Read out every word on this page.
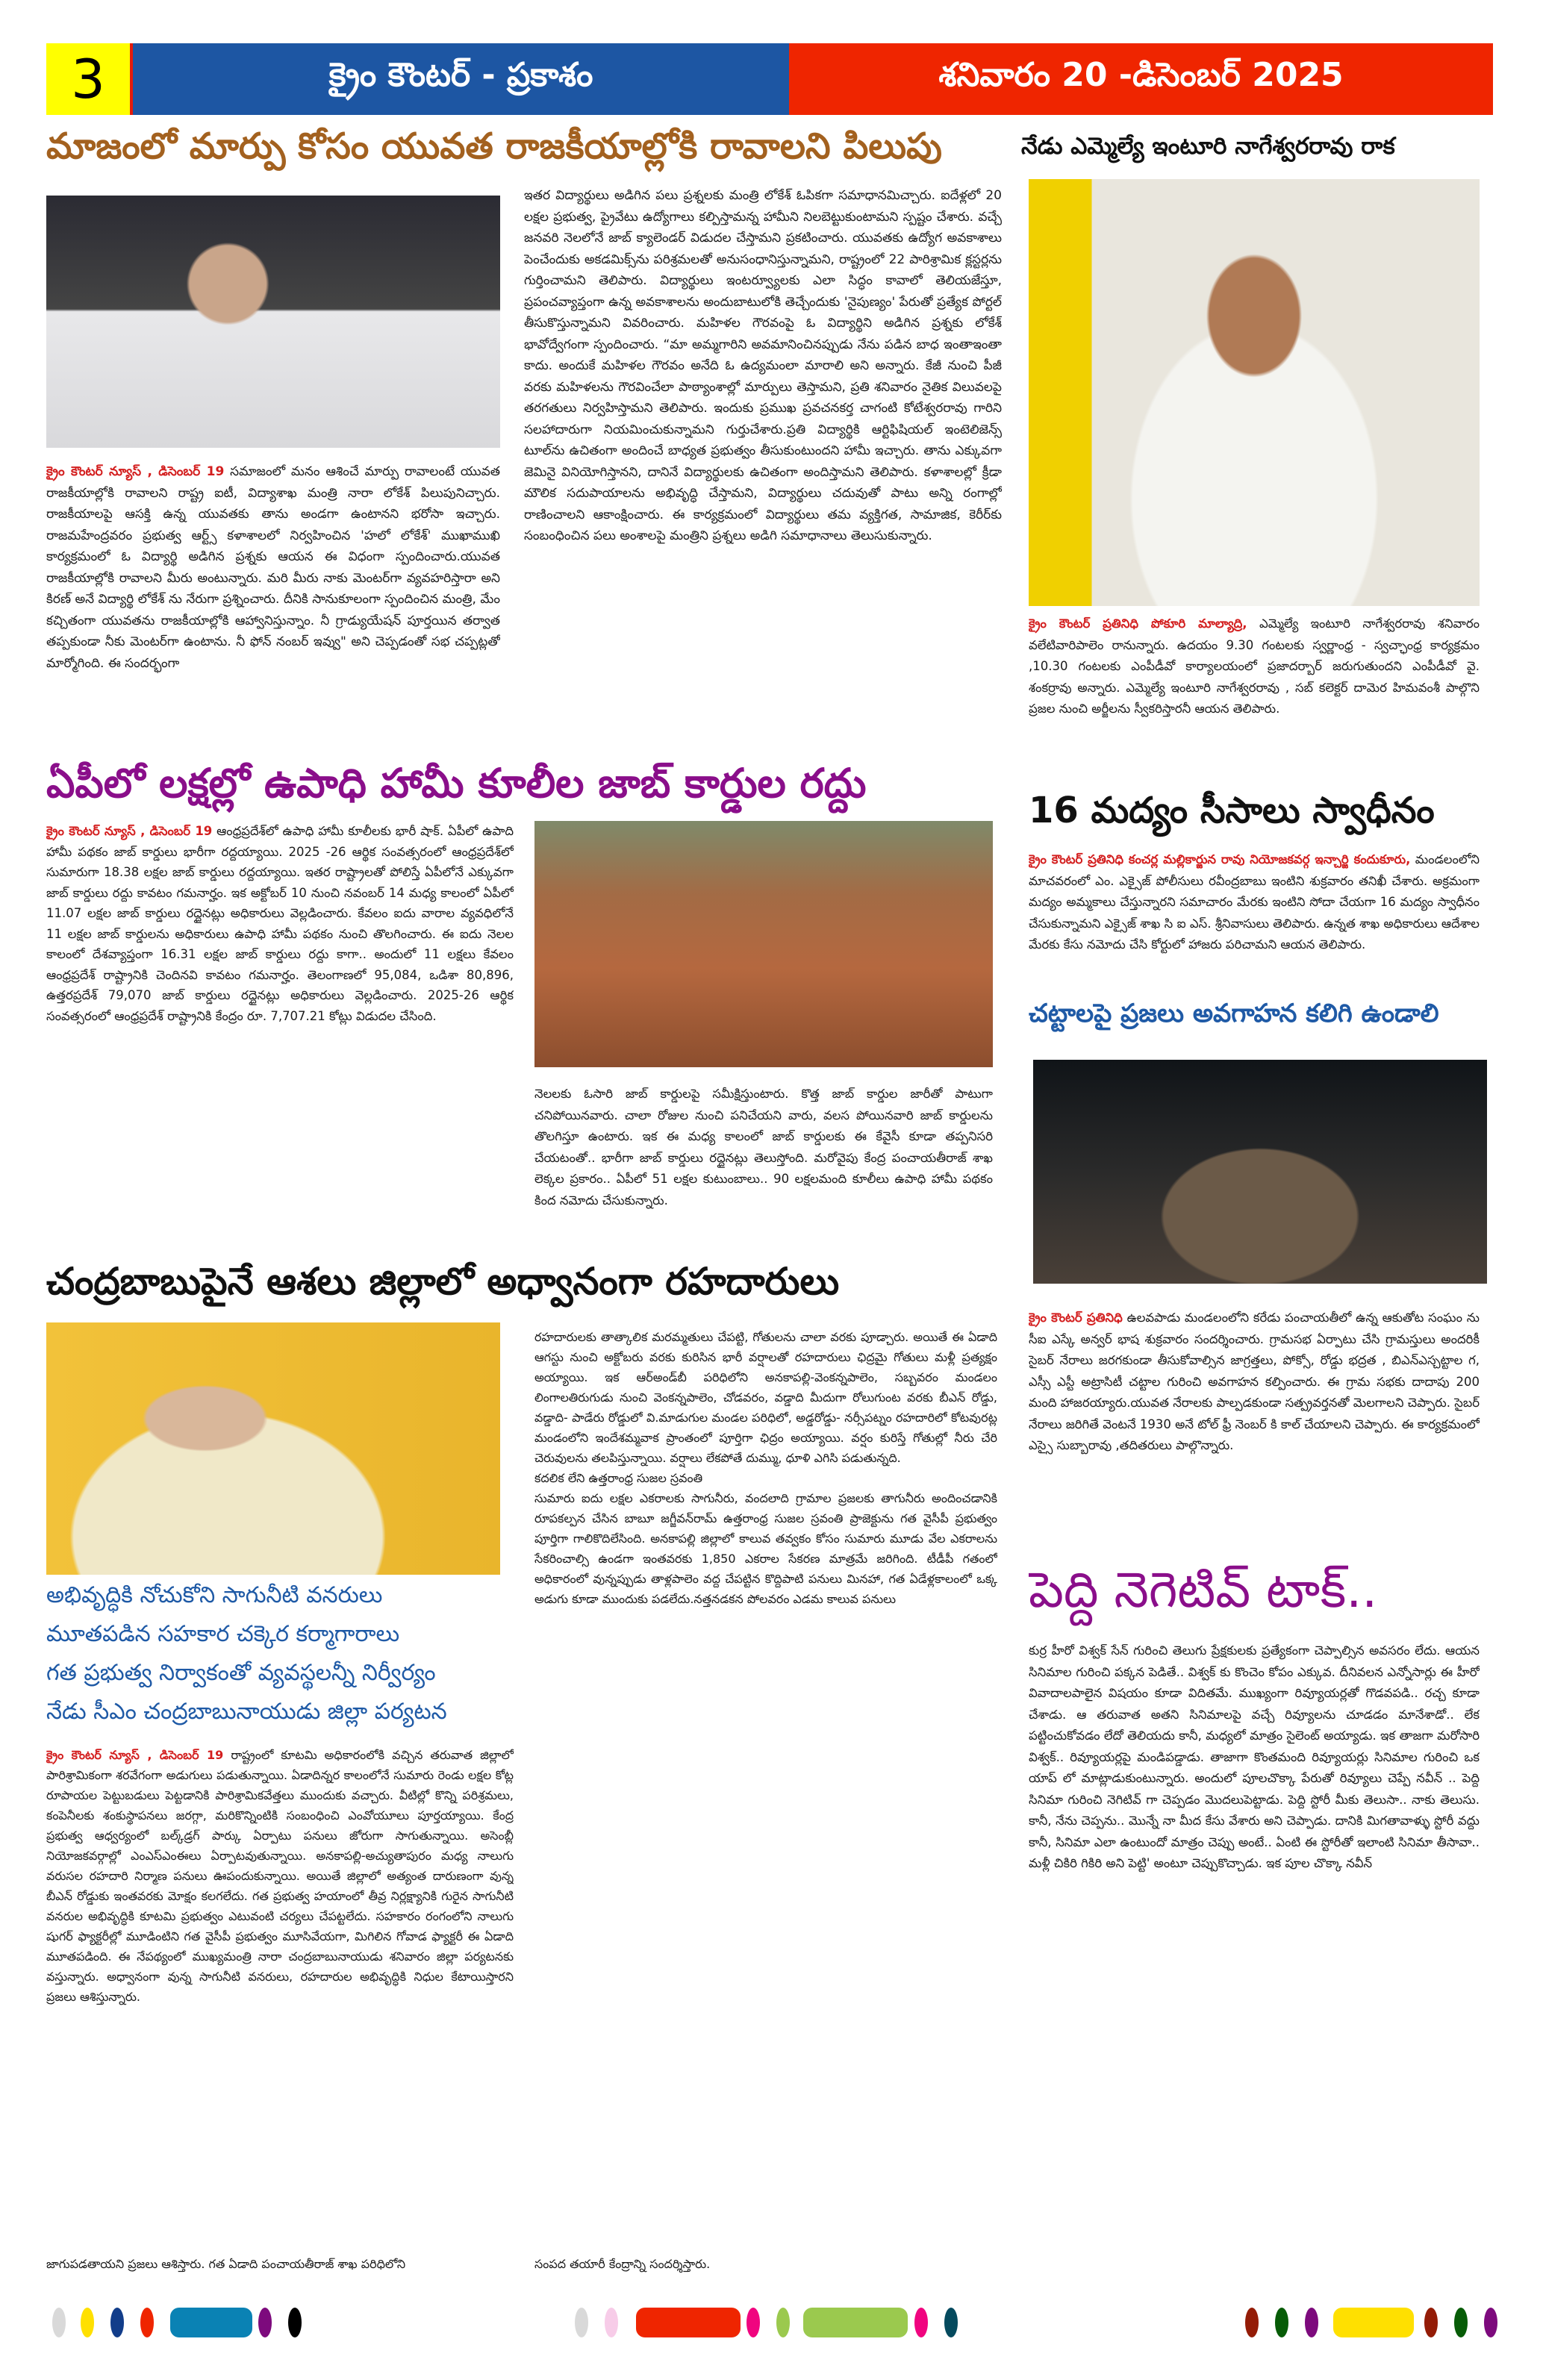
3	క్రైం కౌంటర్ - ప్రకాశం	శనివారం 20 -డిసెంబర్ 2025
మాజంలో మార్పు కోసం యువత రాజకీయాల్లోకి రావాలని పిలుపు
క్రైం కౌంటర్ న్యూస్ , డిసెంబర్ 19 సమాజంలో మనం ఆశించే మార్పు రావాలంటే యువత రాజకీయాల్లోకి రావాలని రాష్ట్ర ఐటీ, విద్యాశాఖ మంత్రి నారా లోకేశ్ పిలుపునిచ్చారు. రాజకీయాలపై ఆసక్తి ఉన్న యువతకు తాను అండగా ఉంటానని భరోసా ఇచ్చారు. రాజమహేంద్రవరం ప్రభుత్వ ఆర్ట్స్ కళాశాలలో నిర్వహించిన 'హలో లోకేశ్' ముఖాముఖి కార్యక్రమంలో ఓ విద్యార్థి అడిగిన ప్రశ్నకు ఆయన ఈ విధంగా స్పందించారు.యువత రాజకీయాల్లోకి రావాలని మీరు అంటున్నారు. మరి మీరు నాకు మెంటర్‌గా వ్యవహరిస్తారా అని కిరణ్ అనే విద్యార్థి లోకేశ్ ను నేరుగా ప్రశ్నించారు. దీనికి సానుకూలంగా స్పందించిన మంత్రి, మేం కచ్చితంగా యువతను రాజకీయాల్లోకి ఆహ్వానిస్తున్నాం. నీ గ్రాడ్యుయేషన్ పూర్తయిన తర్వాత తప్పకుండా నీకు మెంటర్‌గా ఉంటాను. నీ ఫోన్ నంబర్ ఇవ్వు" అని చెప్పడంతో సభ చప్పట్లతో మార్మోగింది. ఈ సందర్భంగా
ఇతర విద్యార్థులు అడిగిన పలు ప్రశ్నలకు మంత్రి లోకేశ్ ఓపికగా సమాధానమిచ్చారు. ఐదేళ్లలో 20 లక్షల ప్రభుత్వ, ప్రైవేటు ఉద్యోగాలు కల్పిస్తామన్న హామీని నిలబెట్టుకుంటామని స్పష్టం చేశారు. వచ్చే జనవరి నెలలోనే జాబ్ క్యాలెండర్ విడుదల చేస్తామని ప్రకటించారు. యువతకు ఉద్యోగ అవకాశాలు పెంచేందుకు అకడమిక్స్‌ను పరిశ్రమలతో అనుసంధానిస్తున్నామని, రాష్ట్రంలో 22 పారిశ్రామిక క్లస్టర్లను గుర్తించామని తెలిపారు. విద్యార్థులు ఇంటర్వ్యూలకు ఎలా సిద్ధం కావాలో తెలియజేస్తూ, ప్రపంచవ్యాప్తంగా ఉన్న అవకాశాలను అందుబాటులోకి తెచ్చేందుకు 'నైపుణ్యం' పేరుతో ప్రత్యేక పోర్టల్ తీసుకొస్తున్నామని వివరించారు. మహిళల గౌరవంపై ఓ విద్యార్థిని అడిగిన ప్రశ్నకు లోకేశ్ భావోద్వేగంగా స్పందించారు. “మా అమ్మగారిని అవమానించినప్పుడు నేను పడిన బాధ ఇంతాఇంతా కాదు. అందుకే మహిళల గౌరవం అనేది ఓ ఉద్యమంలా మారాలి అని అన్నారు. కేజీ నుంచి పీజీ వరకు మహిళలను గౌరవించేలా పాఠ్యాంశాల్లో మార్పులు తెస్తామని, ప్రతి శనివారం నైతిక విలువలపై తరగతులు నిర్వహిస్తామని తెలిపారు. ఇందుకు ప్రముఖ ప్రవచనకర్త చాగంటి కోటేశ్వరరావు గారిని సలహాదారుగా నియమించుకున్నామని గుర్తుచేశారు.ప్రతి విద్యార్థికి ఆర్టిఫిషియల్ ఇంటెలిజెన్స్ టూల్‌ను ఉచితంగా అందించే బాధ్యత ప్రభుత్వం తీసుకుంటుందని హామీ ఇచ్చారు. తాను ఎక్కువగా జెమినై వినియోగిస్తానని, దానినే విద్యార్థులకు ఉచితంగా అందిస్తామని తెలిపారు. కళాశాలల్లో క్రీడా మౌలిక సదుపాయాలను అభివృద్ధి చేస్తామని, విద్యార్థులు చదువుతో పాటు అన్ని రంగాల్లో రాణించాలని ఆకాంక్షించారు. ఈ కార్యక్రమంలో విద్యార్థులు తమ వ్యక్తిగత, సామాజిక, కెరీర్‌కు సంబంధించిన పలు అంశాలపై మంత్రిని ప్రశ్నలు అడిగి సమాధానాలు తెలుసుకున్నారు.
నేడు ఎమ్మెల్యే ఇంటూరి నాగేశ్వరరావు రాక
క్రైం కౌంటర్ ప్రతినిధి పోకూరి మాల్యాద్రి, ఎమ్మెల్యే ఇంటూరి నాగేశ్వరరావు శనివారం వలేటివారిపాలెం రానున్నారు. ఉదయం 9.30 గంటలకు స్వర్ణాంధ్ర - స్వచ్ఛాంధ్ర కార్యక్రమం ,10.30 గంటలకు ఎంపీడీవో కార్యాలయంలో ప్రజాదర్బార్ జరుగుతుందని ఎంపీడీవో వై. శంకర్రావు అన్నారు. ఎమ్మెల్యే ఇంటూరి నాగేశ్వరరావు , సబ్ కలెక్టర్ దామెర హిమవంశీ పాల్గొని ప్రజల నుంచి అర్జీలను స్వీకరిస్తారనీ ఆయన తెలిపారు.
ఏపీలో లక్షల్లో ఉపాధి హామీ కూలీల జాబ్ కార్డుల రద్దు
క్రైం కౌంటర్ న్యూస్ , డిసెంబర్ 19 ఆంధ్రప్రదేశ్‌లో ఉపాధి హామీ కూలీలకు భారీ షాక్. ఏపీలో ఉపాది హామీ పథకం జాబ్ కార్డులు భారీగా రద్దయ్యాయి. 2025 -26 ఆర్థిక సంవత్సరంలో ఆంధ్రప్రదేశ్‌లో సుమారుగా 18.38 లక్షల జాబ్ కార్డులు రద్దయ్యాయి. ఇతర రాష్ట్రాలతో పోలిస్తే ఏపీలోనే ఎక్కువగా జాబ్ కార్డులు రద్దు కావటం గమనార్హం. ఇక అక్టోబర్ 10 నుంచి నవంబర్ 14 మధ్య కాలంలో ఏపీలో 11.07 లక్షల జాబ్ కార్డులు రద్దైనట్లు అధికారులు వెల్లడించారు. కేవలం ఐదు వారాల వ్యవధిలోనే 11 లక్షల జాబ్ కార్డులను అధికారులు ఉపాధి హామీ పథకం నుంచి తొలగించారు. ఈ ఐదు నెలల కాలంలో దేశవ్యాప్తంగా 16.31 లక్షల జాబ్ కార్డులు రద్దు కాగా.. అందులో 11 లక్షలు కేవలం ఆంధ్రప్రదేశ్ రాష్ట్రానికి చెందినవి కావటం గమనార్హం. తెలంగాణలో 95,084, ఒడిశా 80,896, ఉత్తరప్రదేశ్ 79,070 జాబ్ కార్డులు రద్దైనట్లు అధికారులు వెల్లడించారు. 2025-26 ఆర్థిక సంవత్సరంలో ఆంధ్రప్రదేశ్ రాష్ట్రానికి కేంద్రం రూ. 7,707.21 కోట్లు విడుదల చేసింది.
నెలలకు ఓసారి జాబ్ కార్డులపై సమీక్షిస్తుంటారు. కొత్త జాబ్ కార్డుల జారీతో పాటుగా చనిపోయినవారు. చాలా రోజుల నుంచి పనిచేయని వారు, వలస పోయినవారి జాబ్ కార్డులను తొలగిస్తూ ఉంటారు. ఇక ఈ మధ్య కాలంలో జాబ్ కార్డులకు ఈ కేవైసీ కూడా తప్పనిసరి చేయటంతో.. భారీగా జాబ్ కార్డులు రద్దైనట్లు తెలుస్తోంది. మరోవైపు కేంద్ర పంచాయతీరాజ్ శాఖ లెక్కల ప్రకారం.. ఏపీలో 51 లక్షల కుటుంబాలు.. 90 లక్షలమంది కూలీలు ఉపాధి హామీ పథకం కింద నమోదు చేసుకున్నారు.
16 మద్యం సీసాలు స్వాధీనం
క్రైం కౌంటర్ ప్రతినిధి కంచర్ల మల్లికార్జున రావు నియోజకవర్గ ఇన్చార్జి కందుకూరు, మండలంలోని మాచవరంలో ఎం. ఎక్సైజ్ పోలీసులు రవీంద్రబాబు ఇంటిని శుక్రవారం తనిఖీ చేశారు. అక్రమంగా మద్యం అమ్మకాలు చేస్తున్నారని సమాచారం మేరకు ఇంటిని సోదా చేయగా 16 మద్యం స్వాధీనం చేసుకున్నామని ఎక్సైజ్ శాఖ సి ఐ ఎస్. శ్రీనివాసులు తెలిపారు. ఉన్నత శాఖ అధికారులు ఆదేశాల మేరకు కేసు నమోదు చేసి కోర్టులో హాజరు పరిచామని ఆయన తెలిపారు.
చట్టాలపై ప్రజలు అవగాహన కలిగి ఉండాలి
క్రైం కౌంటర్ ప్రతినిధి ఉలవపాడు మండలంలోని కరేడు పంచాయతీలో ఉన్న ఆకుతోట సంఘం ను సీఐ ఎస్కే అన్వర్ భాష శుక్రవారం సందర్శించారు. గ్రామసభ ఏర్పాటు చేసి గ్రామస్తులు అందరికీ సైబర్ నేరాలు జరగకుండా తీసుకోవాల్సిన జాగ్రత్తలు, పోక్సో, రోడ్డు భద్రత , బిఎన్ఎస్చట్టాల గ, ఎస్సీ ఎస్టీ అట్రాసిటీ చట్టాల గురించి అవగాహన కల్పించారు. ఈ గ్రామ సభకు దాదాపు 200 మంది హాజరయ్యారు.యువత నేరాలకు పాల్పడకుండా సత్ప్రవర్తనతో మెలగాలని చెప్పారు. సైబర్ నేరాలు జరిగితే వెంటనే 1930 అనే టోల్ ఫ్రీ నెంబర్ కి కాల్ చేయాలని చెప్పారు. ఈ కార్యక్రమంలో ఎస్సై సుబ్బారావు ,తదితరులు పాల్గొన్నారు.
చంద్రబాబుపైనే ఆశలు జిల్లాలో అధ్వానంగా రహదారులు
అభివృద్ధికి నోచుకోని సాగునీటి వనరులు
మూతపడిన సహకార చక్కెర కర్మాగారాలు
గత ప్రభుత్వ నిర్వాకంతో వ్యవస్థలన్నీ నిర్వీర్యం
నేడు సీఎం చంద్రబాబునాయుడు జిల్లా పర్యటన
క్రైం కౌంటర్ న్యూస్ , డిసెంబర్ 19 రాష్ట్రంలో కూటమి అధికారంలోకి వచ్చిన తరువాత జిల్లాలో పారిశ్రామికంగా శరవేగంగా అడుగులు పడుతున్నాయి. ఏడాదిన్నర కాలంలోనే సుమారు రెండు లక్షల కోట్ల రూపాయల పెట్టుబడులు పెట్టడానికి పారిశ్రామికవేత్తలు ముందుకు వచ్చారు. వీటిల్లో కొన్ని పరిశ్రమలు, కంపెనీలకు శంకుస్థాపనలు జరగ్గా, మరికొన్నింటికి సంబంధించి ఎంవోయూలు పూర్తయ్యాయి. కేంద్ర ప్రభుత్వ ఆధ్వర్యంలో బల్క్‌డ్రగ్ పార్కు ఏర్పాటు పనులు జోరుగా సాగుతున్నాయి. అసెంబ్లీ నియోజకవర్గాల్లో ఎంఎస్ఎంఈలు ఏర్పాటవుతున్నాయి. అనకాపల్లి-అచ్యుతాపురం మధ్య నాలుగు వరుసల రహదారి నిర్మాణ పనులు ఊపందుకున్నాయి. అయితే జిల్లాలో అత్యంత దారుణంగా వున్న బీఎన్ రోడ్డుకు ఇంతవరకు మోక్షం కలగలేదు. గత ప్రభుత్వ హయాంలో తీవ్ర నిర్లక్ష్యానికి గురైన సాగునీటి వనరుల అభివృద్ధికి కూటమి ప్రభుత్వం ఎటువంటి చర్యలు చేపట్టలేదు. సహకారం రంగంలోని నాలుగు షుగర్ ఫ్యాక్టరీల్లో మూడింటిని గత వైసీపీ ప్రభుత్వం మూసివేయగా, మిగిలిన గోవాడ ఫ్యాక్టరీ ఈ ఏడాది మూతపడింది. ఈ నేపథ్యంలో ముఖ్యమంత్రి నారా చంద్రబాబునాయుడు శనివారం జిల్లా పర్యటనకు వస్తున్నారు. అధ్వానంగా వున్న సాగునీటి వనరులు, రహదారుల అభివృద్ధికి నిధుల కేటాయిస్తారని ప్రజలు ఆశిస్తున్నారు.
జాగుపడతాయని ప్రజలు ఆశిస్తారు. గత ఏడాది పంచాయతీరాజ్ శాఖ పరిధిలోని

రహదారులకు తాత్కాలిక మరమ్మతులు చేపట్టి, గోతులను చాలా వరకు పూడ్చారు. అయితే ఈ ఏడాది ఆగస్టు నుంచి అక్టోబరు వరకు కురిసిన భారీ వర్షాలతో రహదారులు ఛిద్రమై గోతులు మళ్లీ ప్రత్యక్షం అయ్యాయి. ఇక ఆర్అండ్‌బీ పరిధిలోని అనకాపల్లి-వెంకన్నపాలెం, సబ్బవరం మండలం లింగాలతిరుగుడు నుంచి వెంకన్నపాలెం, చోడవరం, వడ్డాది మీదుగా రోలుగుంట వరకు బీఎన్ రోడ్డు, వడ్డాది- పాడేరు రోడ్డులో వి.మాడుగుల మండల పరిధిలో, అడ్డరోడ్డు- నర్సీపట్నం రహదారిలో కోటవురట్ల మండంలోని ఇందేశమ్మవాక ప్రాంతంలో పూర్తిగా ఛిద్రం అయ్యాయి. వర్షం కురిస్తే గోతుల్లో నీరు చేరి చెరువులను తలపిస్తున్నాయి. వర్షాలు లేకపోతే దుమ్ము, ధూళి ఎగిసి పడుతున్నది.

కదలిక లేని ఉత్తరాంధ్ర సుజల స్రవంతి

సుమారు ఐదు లక్షల ఎకరాలకు సాగునీరు, వందలాది గ్రామాల ప్రజలకు తాగునీరు అందించడానికి రూపకల్పన చేసిన బాబూ జగ్జీవన్‌రామ్ ఉత్తరాంధ్ర సుజల స్రవంతి ప్రాజెక్టును గత వైసీపీ ప్రభుత్వం పూర్తిగా గాలికొదిలేసింది. అనకాపల్లి జిల్లాలో కాలువ తవ్వకం కోసం సుమారు మూడు వేల ఎకరాలను సేకరించాల్సి ఉండగా ఇంతవరకు 1,850 ఎకరాల సేకరణ మాత్రమే జరిగింది. టీడీపీ గతంలో అధికారంలో వున్నప్పుడు తాళ్లపాలెం వద్ద చేపట్టిన కొద్దిపాటి పనులు మినహా, గత ఏడేళ్లకాలంలో ఒక్క అడుగు కూడా ముందుకు పడలేదు.నత్తనడకన పోలవరం ఎడమ కాలువ పనులు

సంపద తయారీ కేంద్రాన్ని సందర్శిస్తారు.
పెద్ది నెగెటివ్ టాక్..
కుర్ర హీరో విశ్వక్ సేన్ గురించి తెలుగు ప్రేక్షకులకు ప్రత్యేకంగా చెప్పాల్సిన అవసరం లేదు. ఆయన సినిమాల గురించి పక్కన పెడితే.. విశ్వక్ కు కొంచెం కోపం ఎక్కువ. దీనివలన ఎన్నోసార్లు ఈ హీరో వివాదాలపాలైన విషయం కూడా విదితమే. ముఖ్యంగా రివ్యూయర్లతో గొడవపడి.. రచ్చ కూడా చేశాడు. ఆ తరువాత అతని సినిమాలపై వచ్చే రివ్యూలను చూడడం మానేశాడో.. లేక పట్టించుకోవడం లేదో తెలియదు కానీ, మధ్యలో మాత్రం సైలెంట్ అయ్యాడు. ఇక తాజగా మరోసారి విశ్వక్.. రివ్యూయర్లపై మండిపడ్డాడు. తాజాగా కొంతమంది రివ్యూయర్లు సినిమాల గురించి ఒక యాప్ లో మాట్లాడుకుంటున్నారు. అందులో పూలచొక్కా పేరుతో రివ్యూలు చెప్పే నవీన్ .. పెద్ది సినిమా గురించి నెగిటివ్ గా చెప్పడం మొదలుపెట్టాడు. పెద్ది స్టోరీ మీకు తెలుసా.. నాకు తెలుసు. కానీ, నేను చెప్పను.. మొన్నే నా మీద కేసు వేశారు అని చెప్పాడు. దానికి మిగతావాళ్ళు స్టోరీ వద్దు కానీ, సినిమా ఎలా ఉంటుందో మాత్రం చెప్పు అంటే.. ఏంటి ఈ స్టోరీతో ఇలాంటి సినిమా తీసావా.. మళ్లీ చికిరి గికిరి అని పెట్టి' అంటూ చెప్పుకొచ్చాడు. ఇక పూల చొక్కా నవీన్
